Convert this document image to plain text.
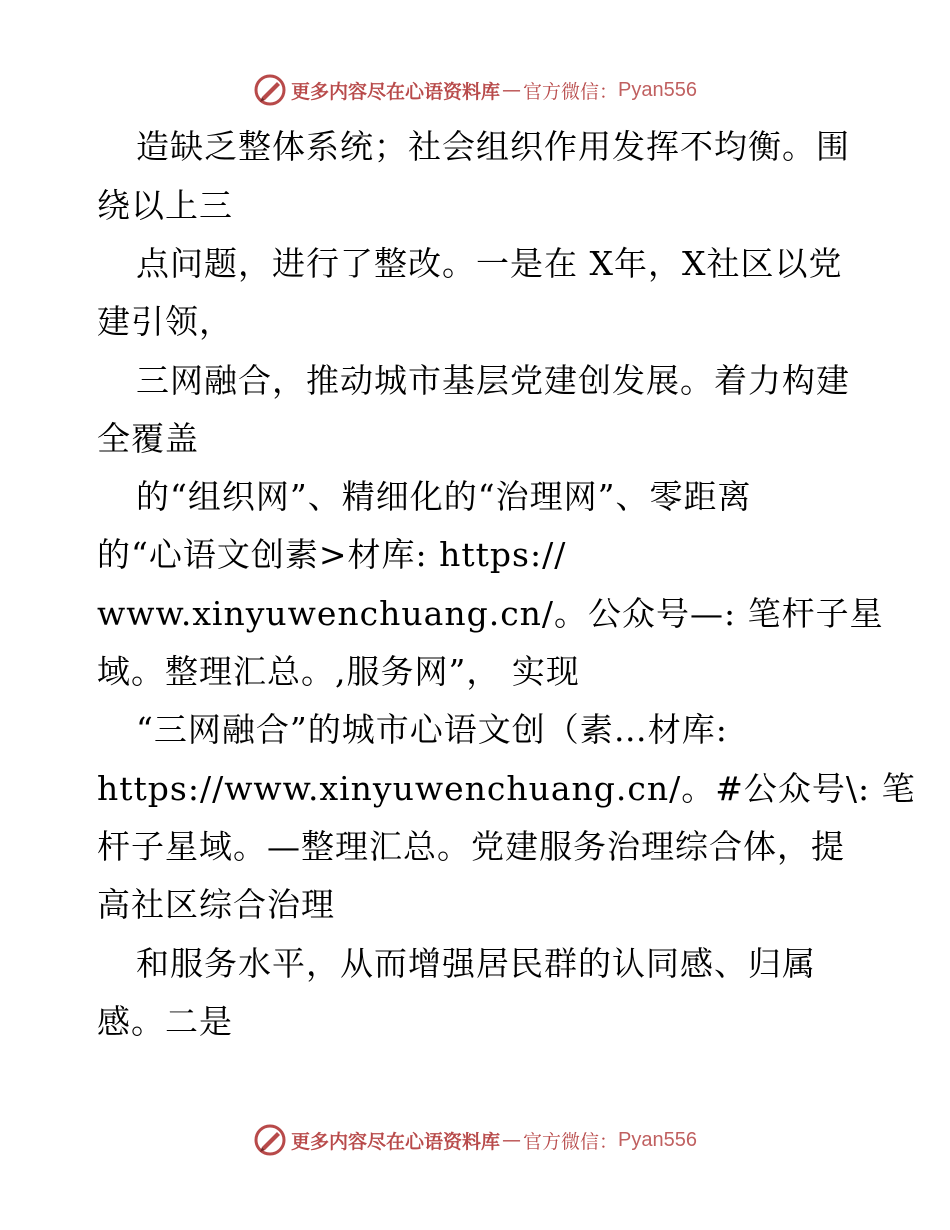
更多内容尽在心语资料库 — 官方微信： Pyan556
造缺乏整体系统；社会组织作用发挥不均衡。围
绕以上三
点问题，进行了整改。一是在 X年，X社区以党
建引领，
三网融合，推动城市基层党建创发展。着力构建
全覆盖
的“组织网”、精细化的“治理网”、零距离
的“心语文创素>材库: https://
www.xinyuwenchuang.cn/。公众号—: 笔杆子星
域。整理汇总。,服务网”， 实现
“三网融合”的城市心语文创（素…材库:
https://www.xinyuwenchuang.cn/。#公众号\: 笔
杆子星域。—整理汇总。党建服务治理综合体，提
高社区综合治理
和服务水平，从而增强居民群的认同感、归属
感。二是
更多内容尽在心语资料库 — 官方微信： Pyan556
